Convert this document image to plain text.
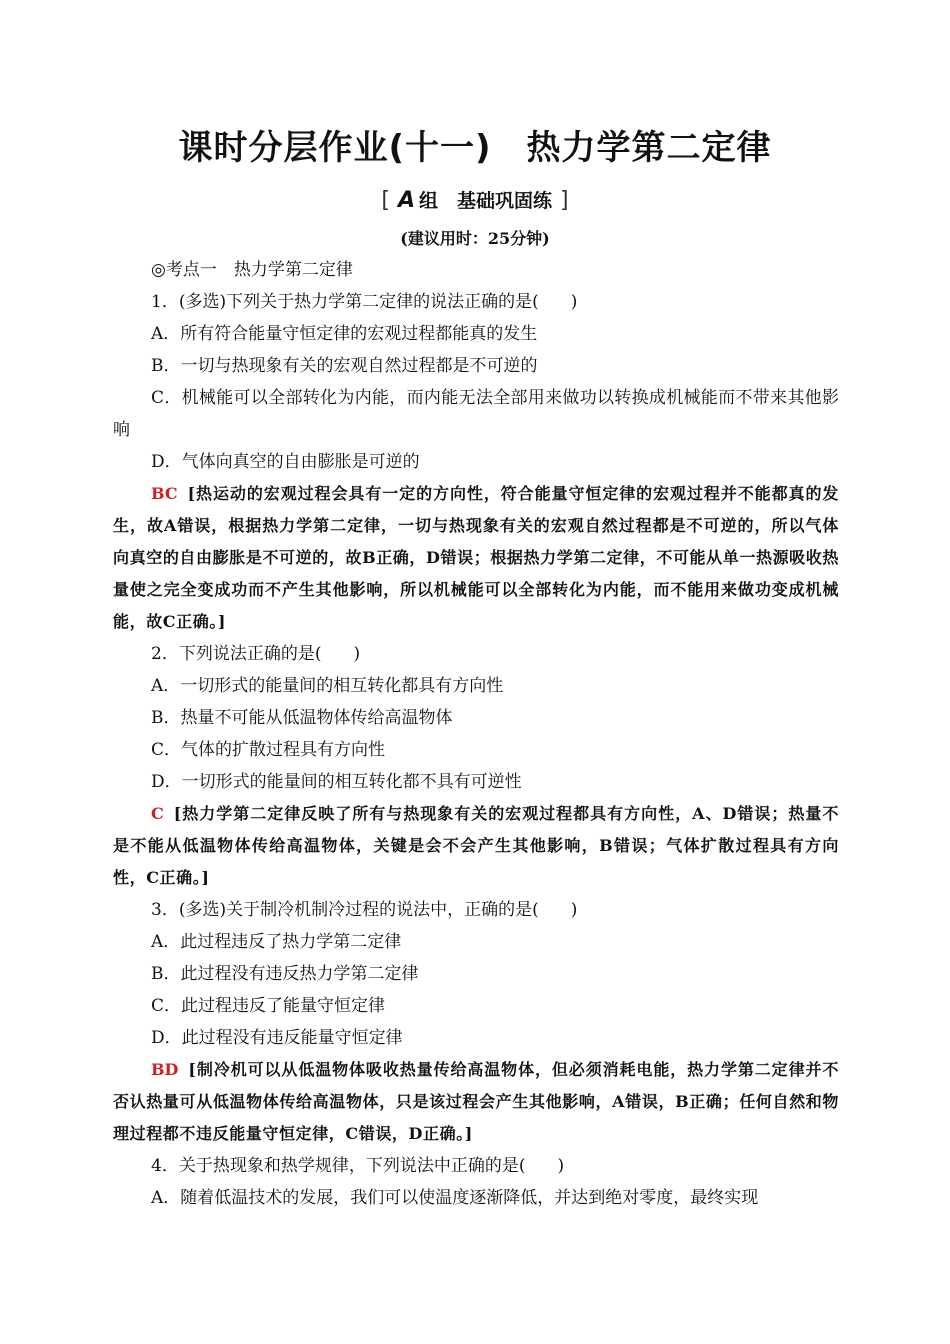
课时分层作业(十一)　热力学第二定律
[ A 组　基础巩固练 ]
(建议用时：25分钟)
◎考点一　热力学第二定律
1．(多选)下列关于热力学第二定律的说法正确的是( )
A．所有符合能量守恒定律的宏观过程都能真的发生
B．一切与热现象有关的宏观自然过程都是不可逆的
C．机械能可以全部转化为内能，而内能无法全部用来做功以转换成机械能而不带来其他影响
D．气体向真空的自由膨胀是可逆的
BC [热运动的宏观过程会具有一定的方向性，符合能量守恒定律的宏观过程并不能都真的发生，故A错误，根据热力学第二定律，一切与热现象有关的宏观自然过程都是不可逆的，所以气体向真空的自由膨胀是不可逆的，故B正确，D错误；根据热力学第二定律，不可能从单一热源吸收热量使之完全变成功而不产生其他影响，所以机械能可以全部转化为内能，而不能用来做功变成机械能，故C正确。]
2．下列说法正确的是( )
A．一切形式的能量间的相互转化都具有方向性
B．热量不可能从低温物体传给高温物体
C．气体的扩散过程具有方向性
D．一切形式的能量间的相互转化都不具有可逆性
C [热力学第二定律反映了所有与热现象有关的宏观过程都具有方向性，A、D错误；热量不是不能从低温物体传给高温物体，关键是会不会产生其他影响，B错误；气体扩散过程具有方向性，C正确。]
3．(多选)关于制冷机制冷过程的说法中，正确的是( )
A．此过程违反了热力学第二定律
B．此过程没有违反热力学第二定律
C．此过程违反了能量守恒定律
D．此过程没有违反能量守恒定律
BD [制冷机可以从低温物体吸收热量传给高温物体，但必须消耗电能，热力学第二定律并不否认热量可从低温物体传给高温物体，只是该过程会产生其他影响，A错误，B正确；任何自然和物理过程都不违反能量守恒定律，C错误，D正确。]
4．关于热现象和热学规律，下列说法中正确的是( )
A．随着低温技术的发展，我们可以使温度逐渐降低，并达到绝对零度，最终实现
